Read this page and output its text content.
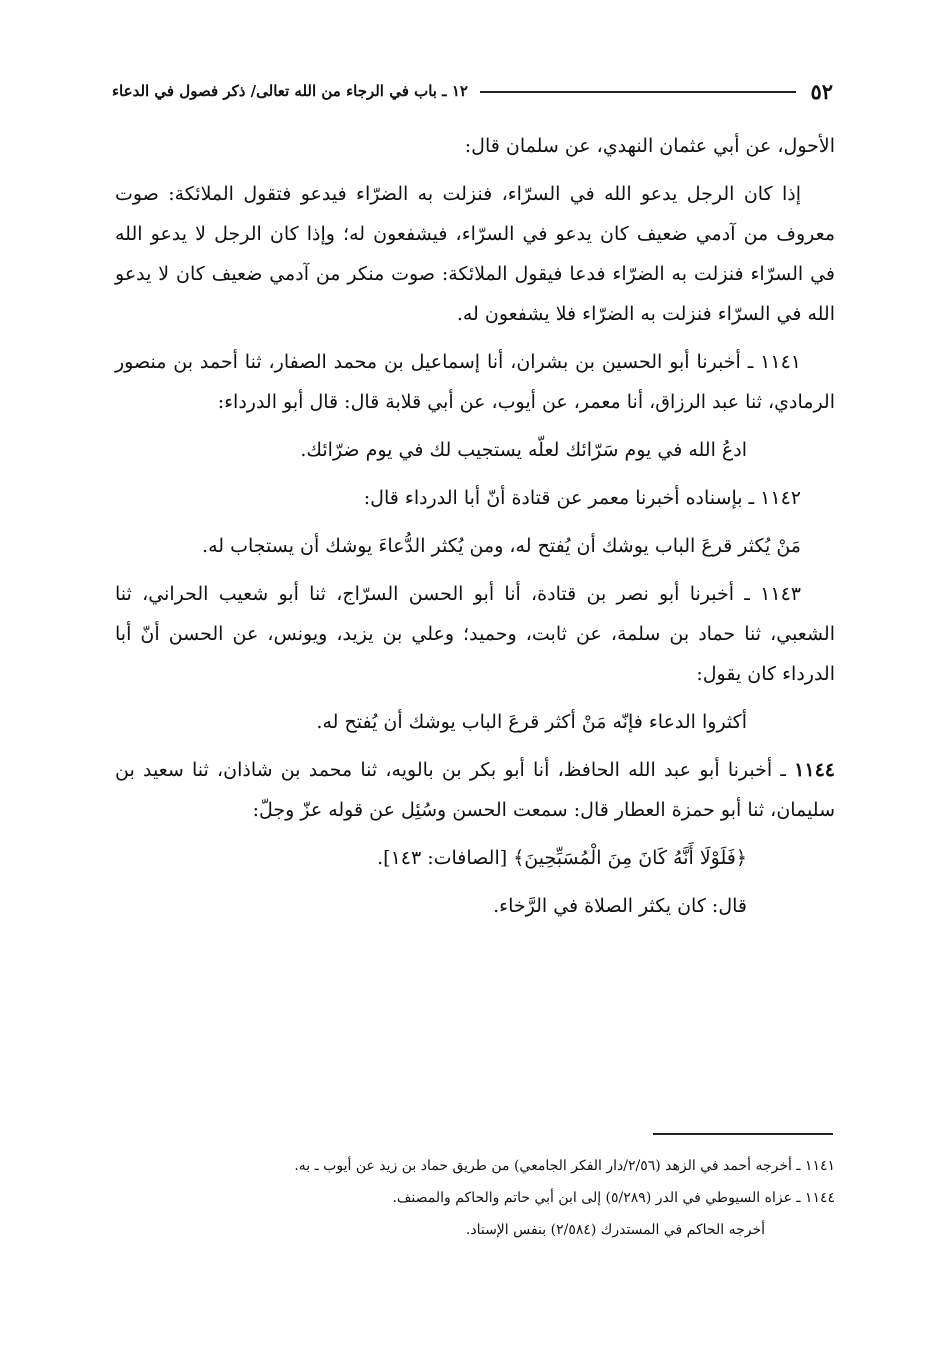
٥٢
١٢ ـ باب في الرجاء من الله تعالى/ ذكر فصول في الدعاء

الأحول، عن أبي عثمان النهدي، عن سلمان قال:

إذا كان الرجل يدعو الله في السرّاء، فنزلت به الضرّاء فيدعو فتقول الملائكة: صوت معروف من آدمي ضعيف كان يدعو في السرّاء، فيشفعون له؛ وإذا كان الرجل لا يدعو الله في السرّاء فنزلت به الضرّاء فدعا فيقول الملائكة: صوت منكر من آدمي ضعيف كان لا يدعو الله في السرّاء فنزلت به الضرّاء فلا يشفعون له.

١١٤١ ـ أخبرنا أبو الحسين بن بشران، أنا إسماعيل بن محمد الصفار، ثنا أحمد بن منصور الرمادي، ثنا عبد الرزاق، أنا معمر، عن أيوب، عن أبي قلابة قال: قال أبو الدرداء:

ادعُ الله في يوم سَرّائك لعلّه يستجيب لك في يوم ضرّائك.

١١٤٢ ـ بإسناده أخبرنا معمر عن قتادة أنّ أبا الدرداء قال:

مَنْ يُكثر قرعَ الباب يوشك أن يُفتح له، ومن يُكثر الدُّعاءَ يوشك أن يستجاب له.

١١٤٣ ـ أخبرنا أبو نصر بن قتادة، أنا أبو الحسن السرّاج، ثنا أبو شعيب الحراني، ثنا الشعبي، ثنا حماد بن سلمة، عن ثابت، وحميد؛ وعلي بن يزيد، ويونس، عن الحسن أنّ أبا الدرداء كان يقول:

أكثروا الدعاء فإنّه مَنْ أكثر قرعَ الباب يوشك أن يُفتح له.

١١٤٤ ـ أخبرنا أبو عبد الله الحافظ، أنا أبو بكر بن بالويه، ثنا محمد بن شاذان، ثنا سعيد بن سليمان، ثنا أبو حمزة العطار قال: سمعت الحسن وسُئِل عن قوله عزّ وجلّ:

﴿فَلَوْلَا أَنَّهُ كَانَ مِنَ الْمُسَبِّحِينَ﴾ [الصافات: ١٤٣].

قال: كان يكثر الصلاة في الرَّخاء.

١١٤١ ـ أخرجه أحمد في الزهد (٢/٥٦/دار الفكر الجامعي) من طريق حماد بن زيد عن أيوب ـ به.
١١٤٤ ـ عزاه السيوطي في الدر (٥/٢٨٩) إلى ابن أبي حاتم والحاكم والمصنف.
أخرجه الحاكم في المستدرك (٢/٥٨٤) بنفس الإسناد.
